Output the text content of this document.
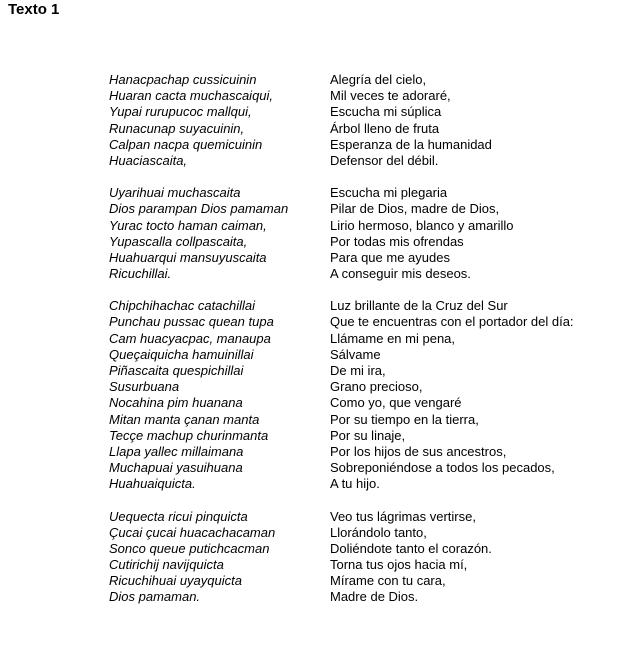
Texto 1
Hanacpachap cussicuinin	Alegría del cielo,
Huaran cacta muchascaiqui,	Mil veces te adoraré,
Yupai rurupucoc mallqui,	Escucha mi súplica
Runacunap suyacuinin,	Árbol lleno de fruta
Calpan nacpa quemicuinin	Esperanza de la humanidad
Huaciascaita,	Defensor del débil.
Uyarihuai muchascaita	Escucha mi plegaria
Dios parampan Dios pamaman	Pilar de Dios, madre de Dios,
Yurac tocto haman caiman,	Lirio hermoso, blanco y amarillo
Yupascalla collpascaita,	Por todas mis ofrendas
Huahuarqui mansuyuscaita	Para que me ayudes
Ricuchillai.	A conseguir mis deseos.
Chipchihachac catachillai	Luz brillante de la Cruz del Sur
Punchau pussac quean tupa	Que te encuentras con el portador del día:
Cam huacyacpac, manaupa	Llámame en mi pena,
Queçaiquicha hamuinillai	Sálvame
Piñascaita quespichillai	De mi ira,
Susurbuana	Grano precioso,
Nocahina pim huanana	Como yo, que vengaré
Mitan manta çanan manta	Por su tiempo en la tierra,
Tecçe machup churinmanta	Por su linaje,
Llapa yallec millaimana	Por los hijos de sus ancestros,
Muchapuai yasuihuana	Sobreponiéndose a todos los pecados,
Huahuaiquicta.	A tu hijo.
Uequecta ricui pinquicta	Veo tus lágrimas vertirse,
Çucai çucai huacachacaman	Llorándolo tanto,
Sonco queue putichcacman	Doliéndote tanto el corazón.
Cutirichij navijquicta	Torna tus ojos hacia mí,
Ricuchihuai uyayquicta	Mírame con tu cara,
Dios pamaman.	Madre de Dios.
